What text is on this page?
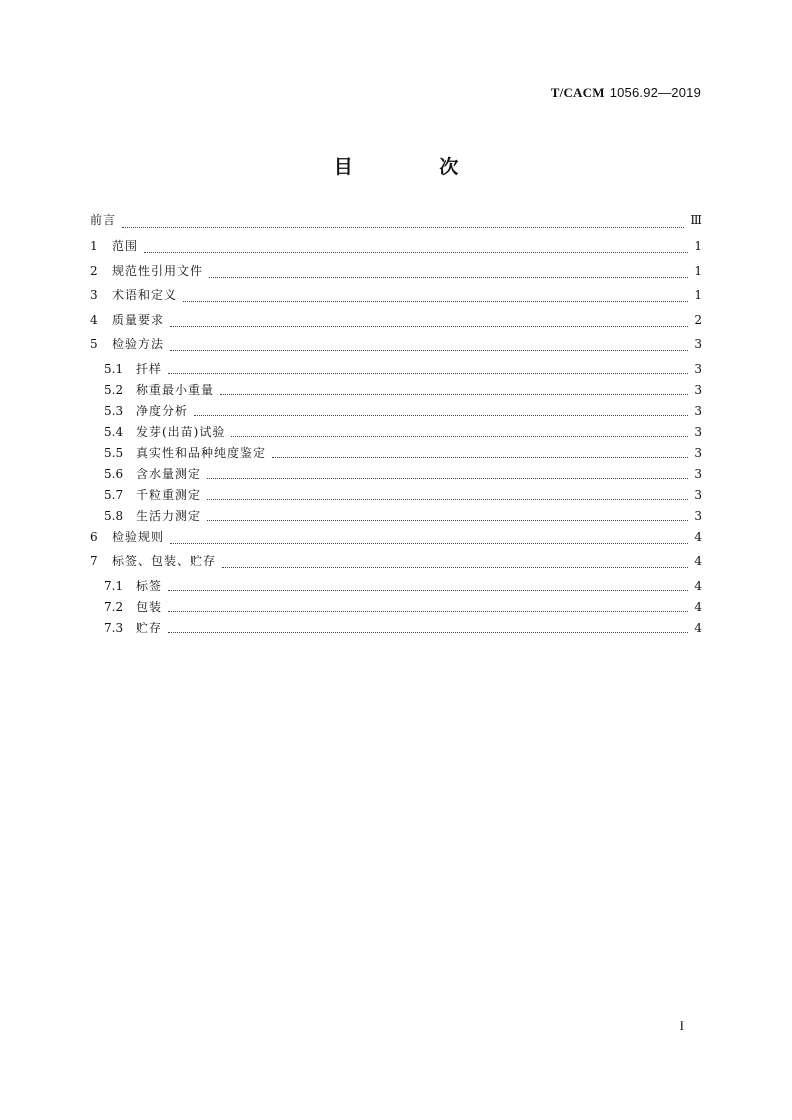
T/CACM 1056.92—2019
目 次
前言	Ⅲ
1	范围	1
2	规范性引用文件	1
3	术语和定义	1
4	质量要求	2
5	检验方法	3
5.1	扦样	3
5.2	称重最小重量	3
5.3	净度分析	3
5.4	发芽(出苗)试验	3
5.5	真实性和品种纯度鉴定	3
5.6	含水量测定	3
5.7	千粒重测定	3
5.8	生活力测定	3
6	检验规则	4
7	标签、包装、贮存	4
7.1	标签	4
7.2	包装	4
7.3	贮存	4
I
